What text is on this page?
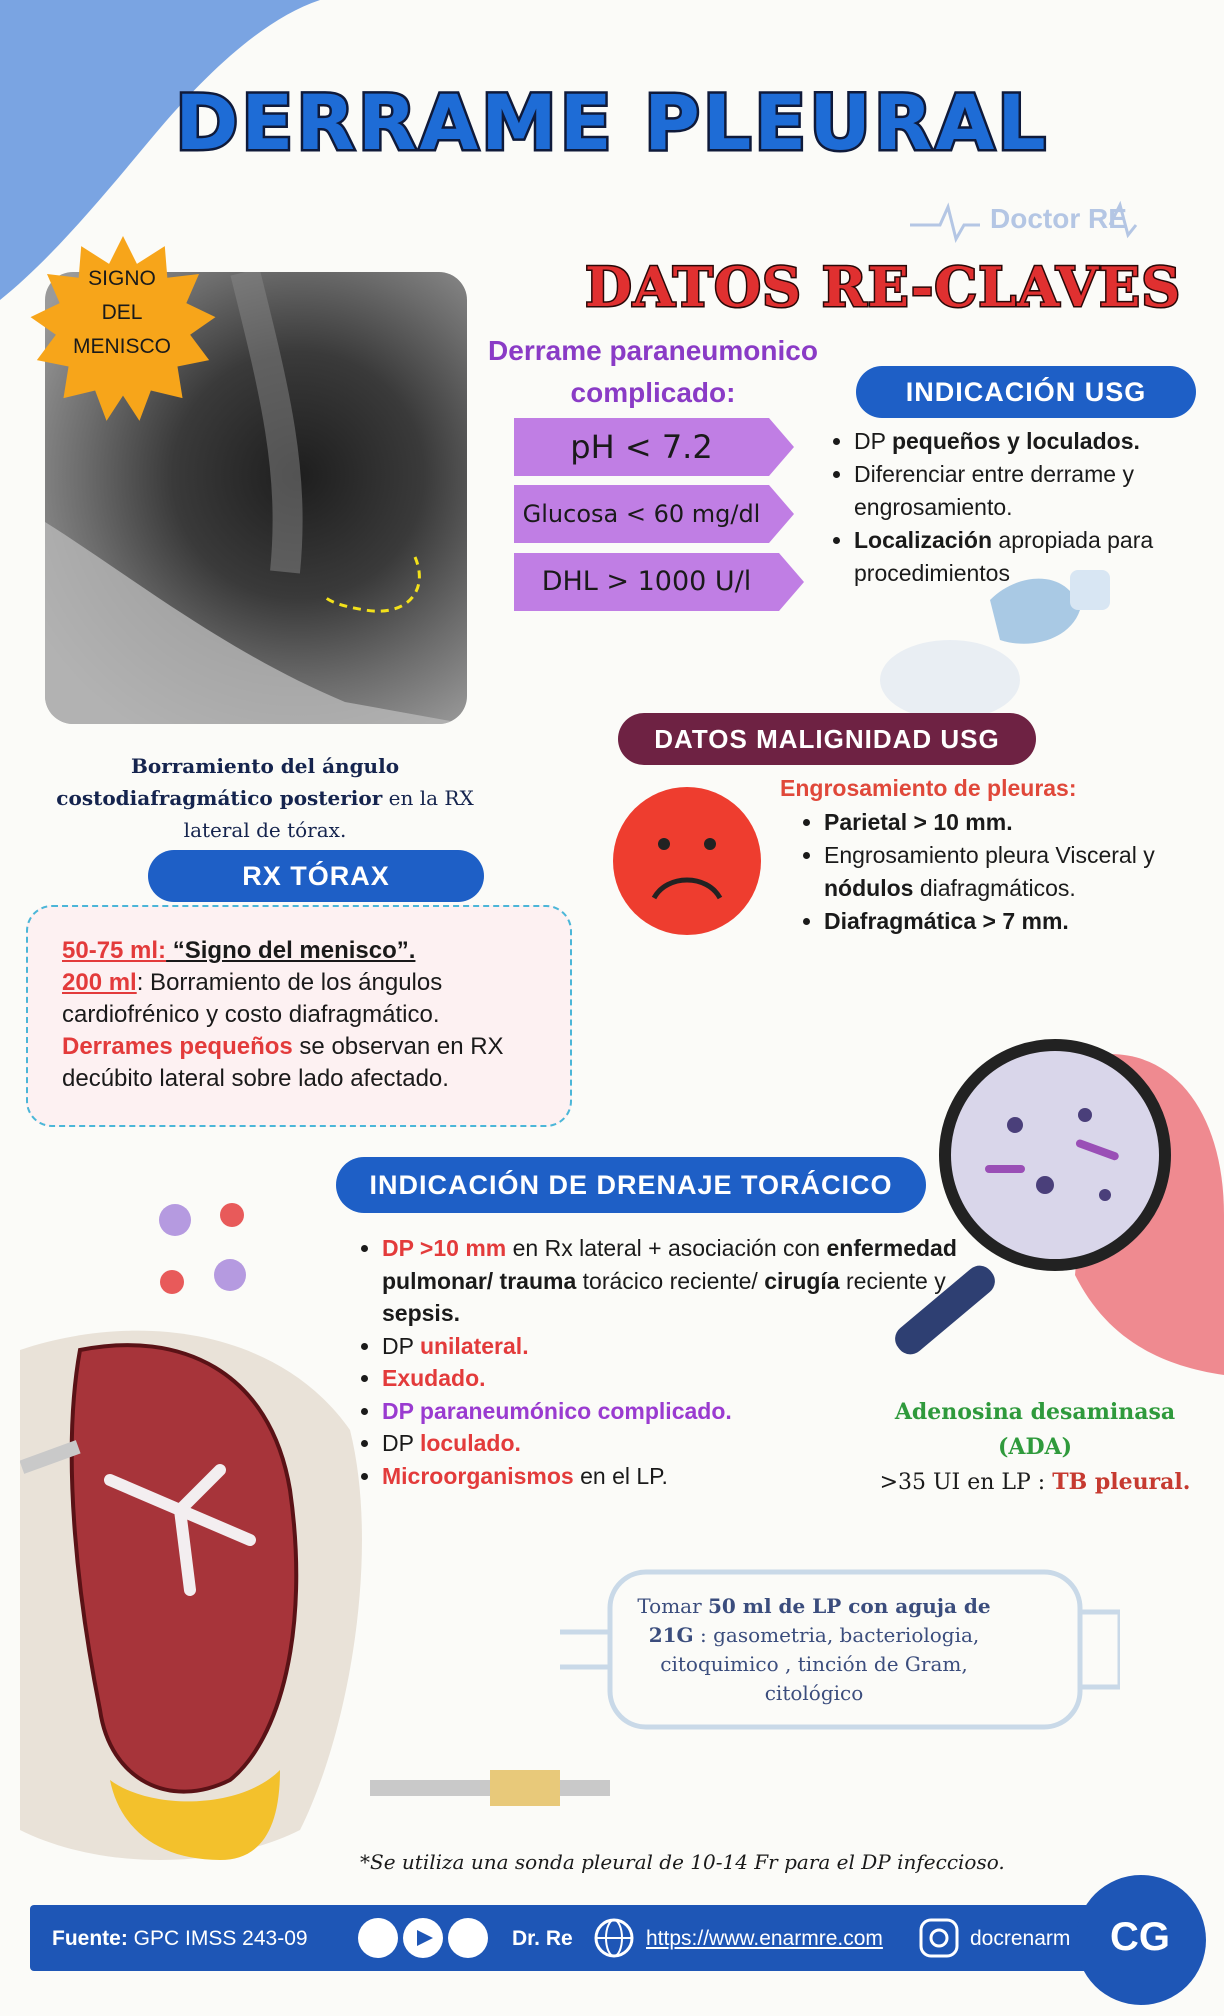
DERRAME PLEURAL
Doctor RE
DATOS RE-CLAVES
SIGNO
DEL
MENISCO
Borramiento del ángulo costodiafragmático posterior en la RX lateral de tórax.
Derrame paraneumonico complicado:
pH < 7.2
Glucosa < 60 mg/dl
DHL > 1000 U/l
INDICACIÓN USG
• DP pequeños y loculados.
• Diferenciar entre derrame y engrosamiento.
• Localización apropiada para procedimientos
DATOS MALIGNIDAD USG
Engrosamiento de pleuras:
• Parietal > 10 mm.
• Engrosamiento pleura Visceral y nódulos diafragmáticos.
• Diafragmática > 7 mm.
RX TÓRAX
50-75 ml: “Signo del menisco”.
200 ml: Borramiento de los ángulos cardiofrénico y costo diafragmático.
Derrames pequeños se observan en RX decúbito lateral sobre lado afectado.
INDICACIÓN DE DRENAJE TORÁCICO
• DP >10 mm en Rx lateral + asociación con enfermedad pulmonar/ trauma torácico reciente/ cirugía reciente y sepsis.
• DP unilateral.
• Exudado.
• DP paraneumónico complicado.
• DP loculado.
• Microorganismos en el LP.
Adenosina desaminasa (ADA)
>35 UI en LP : TB pleural.
Tomar 50 ml de LP con aguja de 21G : gasometria, bacteriologia, citoquimico , tinción de Gram, citológico
*Se utiliza una sonda pleural de 10-14 Fr para el DP infeccioso.
Fuente: GPC IMSS 243-09	Dr. Re	https://www.enarmre.com	docrenarm CG
